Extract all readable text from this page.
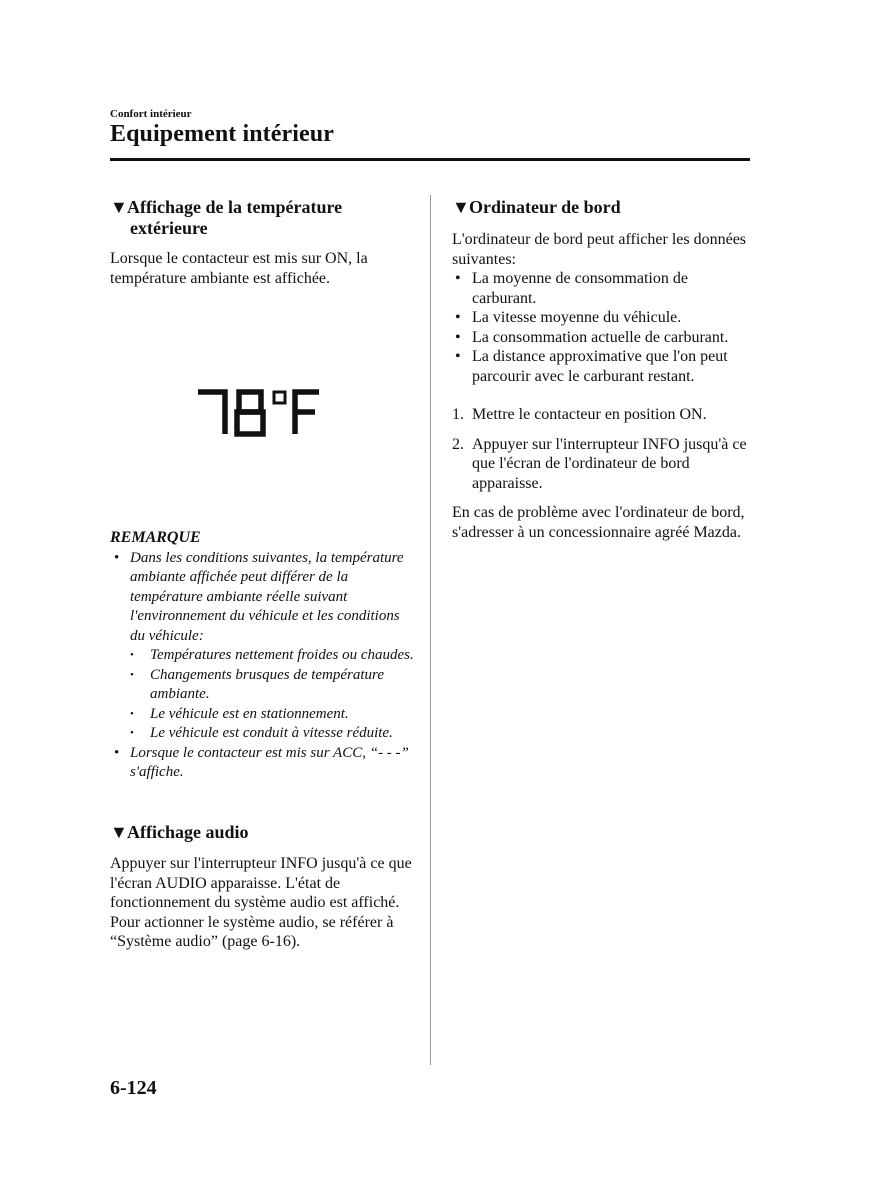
Confort intérieur
Equipement intérieur
▼Affichage de la température
extérieure

Lorsque le contacteur est mis sur ON, la température ambiante est affichée.

REMARQUE
• Dans les conditions suivantes, la température ambiante affichée peut différer de la température ambiante réelle suivant l'environnement du véhicule et les conditions du véhicule:
• Températures nettement froides ou chaudes.
• Changements brusques de température ambiante.
• Le véhicule est en stationnement.
• Le véhicule est conduit à vitesse réduite.
• Lorsque le contacteur est mis sur ACC, “- - -” s'affiche.
▼Affichage audio

Appuyer sur l'interrupteur INFO jusqu'à ce que l'écran AUDIO apparaisse. L'état de fonctionnement du système audio est affiché.

Pour actionner le système audio, se référer à “Système audio” (page 6-16).

▼Ordinateur de bord

L'ordinateur de bord peut afficher les données suivantes:

• La moyenne de consommation de carburant.
• La vitesse moyenne du véhicule.
• La consommation actuelle de carburant.
• La distance approximative que l'on peut parcourir avec le carburant restant.
1. Mettre le contacteur en position ON.
2. Appuyer sur l'interrupteur INFO jusqu'à ce que l'écran de l'ordinateur de bord apparaisse.

En cas de problème avec l'ordinateur de bord, s'adresser à un concessionnaire agréé Mazda.

6-124
